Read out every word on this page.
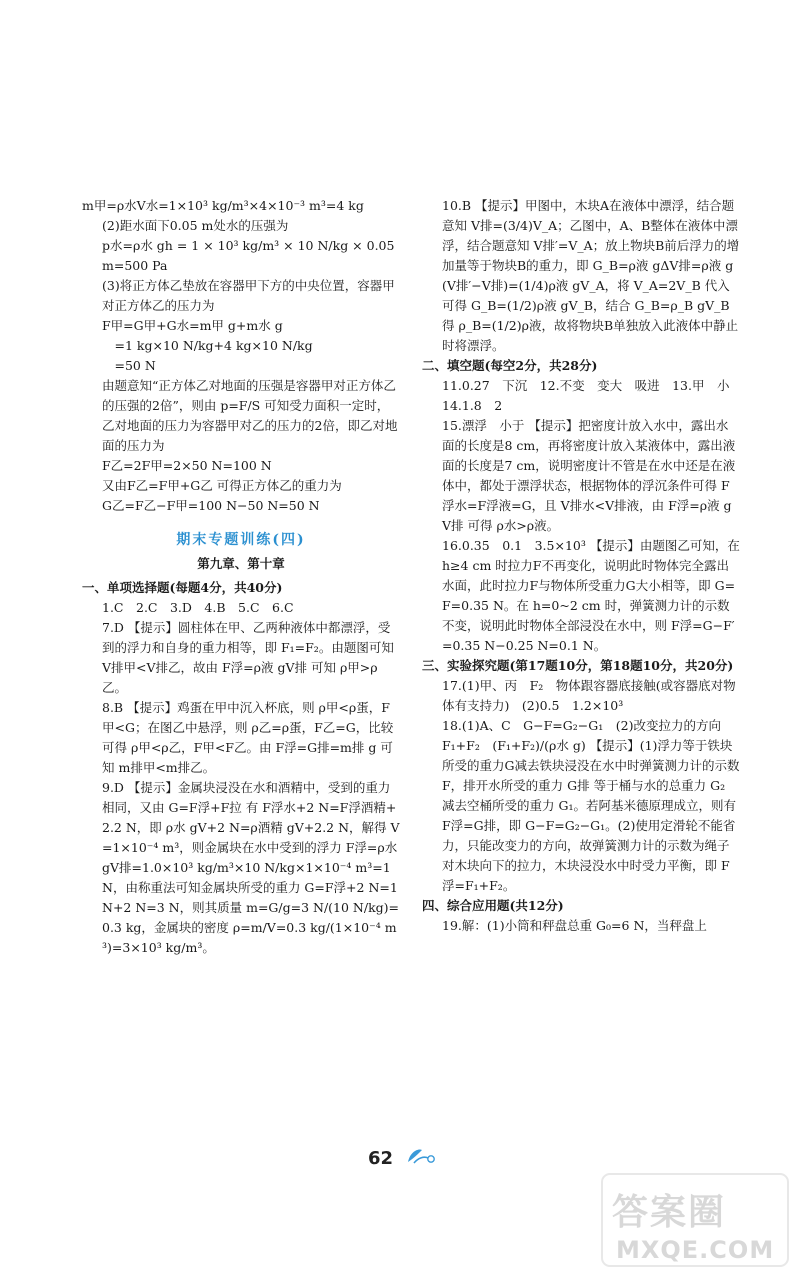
m甲=ρ水V水=1×10³ kg/m³×4×10⁻³ m³=4 kg

(2)距水面下0.05 m处水的压强为

p水=ρ水 gh = 1 × 10³ kg/m³ × 10 N/kg × 0.05 m=500 Pa

(3)将正方体乙垫放在容器甲下方的中央位置，容器甲对正方体乙的压力为

F甲=G甲+G水=m甲 g+m水 g

　=1 kg×10 N/kg+4 kg×10 N/kg

　=50 N

由题意知“正方体乙对地面的压强是容器甲对正方体乙的压强的2倍”，则由 p=F/S 可知受力面积一定时，乙对地面的压力为容器甲对乙的压力的2倍，即乙对地面的压力为

F乙=2F甲=2×50 N=100 N

又由F乙=F甲+G乙 可得正方体乙的重力为

G乙=F乙−F甲=100 N−50 N=50 N

期末专题训练(四)

第九章、第十章

一、单项选择题(每题4分，共40分)

1.C　2.C　3.D　4.B　5.C　6.C

7.D 【提示】圆柱体在甲、乙两种液体中都漂浮，受到的浮力和自身的重力相等，即 F₁=F₂。由题图可知V排甲<V排乙，故由 F浮=ρ液 gV排 可知 ρ甲>ρ乙。

8.B 【提示】鸡蛋在甲中沉入杯底，则 ρ甲<ρ蛋，F甲<G；在图乙中悬浮，则 ρ乙=ρ蛋，F乙=G，比较可得 ρ甲<ρ乙，F甲<F乙。由 F浮=G排=m排 g 可知 m排甲<m排乙。

9.D 【提示】金属块浸没在水和酒精中，受到的重力相同，又由 G=F浮+F拉 有 F浮水+2 N=F浮酒精+2.2 N，即 ρ水 gV+2 N=ρ酒精 gV+2.2 N，解得 V=1×10⁻⁴ m³，则金属块在水中受到的浮力 F浮=ρ水 gV排=1.0×10³ kg/m³×10 N/kg×1×10⁻⁴ m³=1 N，由称重法可知金属块所受的重力 G=F浮+2 N=1 N+2 N=3 N，则其质量 m=G/g=3 N/(10 N/kg)=0.3 kg，金属块的密度 ρ=m/V=0.3 kg/(1×10⁻⁴ m³)=3×10³ kg/m³。

10.B 【提示】甲图中，木块A在液体中漂浮，结合题意知 V排=(3/4)V_A；乙图中，A、B整体在液体中漂浮，结合题意知 V排′=V_A；放上物块B前后浮力的增加量等于物块B的重力，即 G_B=ρ液 gΔV排=ρ液 g(V排′−V排)=(1/4)ρ液 gV_A，将 V_A=2V_B 代入可得 G_B=(1/2)ρ液 gV_B，结合 G_B=ρ_B gV_B 得 ρ_B=(1/2)ρ液，故将物块B单独放入此液体中静止时将漂浮。

二、填空题(每空2分，共28分)

11.0.27　下沉　12.不变　变大　吸进　13.甲　小　14.1.8　2

15.漂浮　小于 【提示】把密度计放入水中，露出水面的长度是8 cm，再将密度计放入某液体中，露出液面的长度是7 cm，说明密度计不管是在水中还是在液体中，都处于漂浮状态，根据物体的浮沉条件可得 F浮水=F浮液=G，且 V排水<V排液，由 F浮=ρ液 gV排 可得 ρ水>ρ液。

16.0.35　0.1　3.5×10³ 【提示】由题图乙可知，在 h≥4 cm 时拉力F不再变化，说明此时物体完全露出水面，此时拉力F与物体所受重力G大小相等，即 G=F=0.35 N。在 h=0~2 cm 时，弹簧测力计的示数不变，说明此时物体全部浸没在水中，则 F浮=G−F′=0.35 N−0.25 N=0.1 N。

三、实验探究题(第17题10分，第18题10分，共20分)

17.(1)甲、丙　F₂　物体跟容器底接触(或容器底对物体有支持力)　(2)0.5　1.2×10³

18.(1)A、C　G−F=G₂−G₁　(2)改变拉力的方向　F₁+F₂　(F₁+F₂)/(ρ水 g) 【提示】(1)浮力等于铁块所受的重力G减去铁块浸没在水中时弹簧测力计的示数F，排开水所受的重力 G排 等于桶与水的总重力 G₂ 减去空桶所受的重力 G₁。若阿基米德原理成立，则有 F浮=G排，即 G−F=G₂−G₁。(2)使用定滑轮不能省力，只能改变力的方向，故弹簧测力计的示数为绳子对木块向下的拉力，木块浸没水中时受力平衡，即 F浮=F₁+F₂。

四、综合应用题(共12分)

19.解：(1)小筒和秤盘总重 G₀=6 N，当秤盘上

62
答案圈
MXQE.COM
